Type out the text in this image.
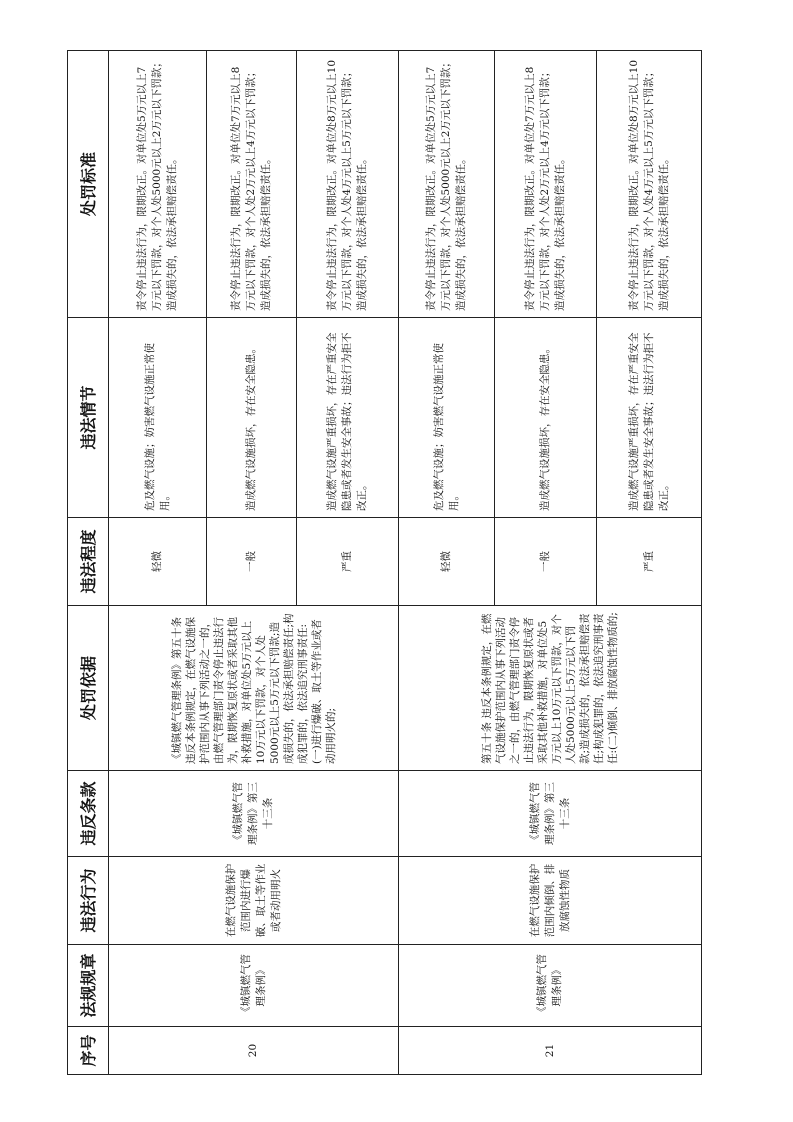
序号	法规规章	违法行为	违反条款	处罚依据	违法程度	违法情节	处罚标准
20	《城镇燃气管理条例》	在燃气设施保护范围内进行爆破、取土等作业或者动用明火	《城镇燃气管理条例》第三十三条	《城镇燃气管理条例》第五十条 违反本条例规定，在燃气设施保护范围内从事下列活动之一的，由燃气管理部门责令停止违法行为，限期恢复原状或者采取其他补救措施，对单位处5万元以上10万元以下罚款，对个人处5000元以上5万元以下罚款;造成损失的，依法承担赔偿责任;构成犯罪的，依法追究刑事责任:(一)进行爆破、取土等作业或者动用明火的;	轻微	危及燃气设施；妨害燃气设施正常使用。	责令停止违法行为，限期改正。对单位处5万元以上7万元以下罚款，对个人处5000元以上2万元以下罚款；造成损失的，依法承担赔偿责任。
					一般	造成燃气设施损坏，存在安全隐患。	责令停止违法行为，限期改正。对单位处7万元以上8万元以下罚款，对个人处2万元以上4万元以下罚款；造成损失的，依法承担赔偿责任。
					严重	造成燃气设施严重损坏，存在严重安全隐患或者发生安全事故；违法行为拒不改正。	责令停止违法行为，限期改正。对单位处8万元以上10万元以下罚款，对个人处4万元以上5万元以下罚款；造成损失的，依法承担赔偿责任。
21	《城镇燃气管理条例》	在燃气设施保护范围内倾倒、排放腐蚀性物质	《城镇燃气管理条例》第三十三条	第五十条 违反本条例规定，在燃气设施保护范围内从事下列活动之一的，由燃气管理部门责令停止违法行为，限期恢复原状或者采取其他补救措施，对单位处5万元以上10万元以下罚款，对个人处5000元以上5万元以下罚款;造成损失的，依法承担赔偿责任;构成犯罪的，依法追究刑事责任:(二)倾倒、排放腐蚀性物质的;	轻微	危及燃气设施；妨害燃气设施正常使用。	责令停止违法行为，限期改正。对单位处5万元以上7万元以下罚款，对个人处5000元以上2万元以下罚款；造成损失的，依法承担赔偿责任。
					一般	造成燃气设施损坏，存在安全隐患。	责令停止违法行为，限期改正。对单位处7万元以上8万元以下罚款，对个人处2万元以上4万元以下罚款；造成损失的，依法承担赔偿责任。
					严重	造成燃气设施严重损坏，存在严重安全隐患或者发生安全事故；违法行为拒不改正。	责令停止违法行为，限期改正。对单位处8万元以上10万元以下罚款，对个人处4万元以上5万元以下罚款；造成损失的，依法承担赔偿责任。
